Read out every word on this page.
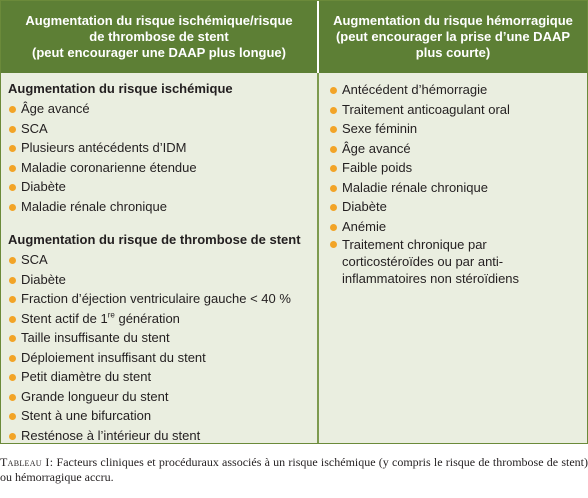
Augmentation du risque ischémique/risque
de thrombose de stent
(peut encourager une DAAP plus longue)
Augmentation du risque hémorragique
(peut encourager la prise d’une DAAP
plus courte)
Augmentation du risque ischémique
Âge avancé
SCA
Plusieurs antécédents d’IDM
Maladie coronarienne étendue
Diabète
Maladie rénale chronique
Augmentation du risque de thrombose de stent
SCA
Diabète
Fraction d’éjection ventriculaire gauche < 40 %
Stent actif de 1re génération
Taille insuffisante du stent
Déploiement insuffisant du stent
Petit diamètre du stent
Grande longueur du stent
Stent à une bifurcation
Resténose à l’intérieur du stent
Antécédent d’hémorragie
Traitement anticoagulant oral
Sexe féminin
Âge avancé
Faible poids
Maladie rénale chronique
Diabète
Anémie
Traitement chronique par corticostéroïdes ou par anti-inflammatoires non stéroïdiens
Tableau I: Facteurs cliniques et procéduraux associés à un risque ischémique (y compris le risque de thrombose de stent) ou hémorragique accru.
